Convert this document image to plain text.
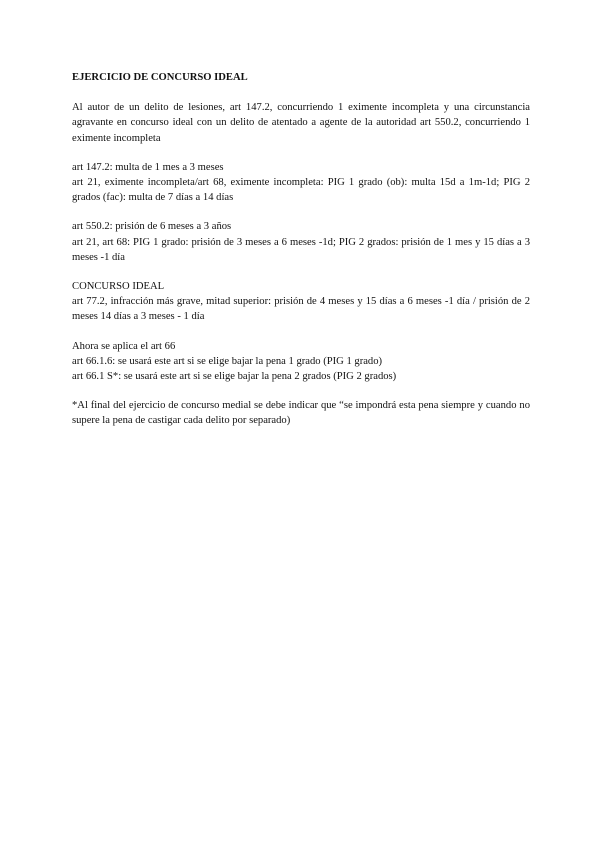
EJERCICIO DE CONCURSO IDEAL

Al autor de un delito de lesiones, art 147.2, concurriendo 1 eximente incompleta y una circunstancia agravante en concurso ideal con un delito de atentado a agente de la autoridad art 550.2, concurriendo 1 eximente incompleta

art 147.2: multa de 1 mes a 3 meses
art 21, eximente incompleta/art 68, eximente incompleta: PIG 1 grado (ob): multa 15d a 1m-1d; PIG 2 grados (fac): multa de 7 días a 14 días
art 550.2: prisión de 6 meses a 3 años
art 21, art 68: PIG 1 grado: prisión de 3 meses a 6 meses -1d; PIG 2 grados: prisión de 1 mes y 15 días a 3 meses -1 día
CONCURSO IDEAL
art 77.2, infracción más grave, mitad superior: prisión de 4 meses y 15 días a 6 meses -1 día / prisión de 2 meses 14 días a 3 meses - 1 día
Ahora se aplica el art 66
art 66.1.6: se usará este art si se elige bajar la pena 1 grado (PIG 1 grado)
art 66.1 S*: se usará este art si se elige bajar la pena 2 grados (PIG 2 grados)

*Al final del ejercicio de concurso medial se debe indicar que “se impondrá esta pena siempre y cuando no supere la pena de castigar cada delito por separado)
